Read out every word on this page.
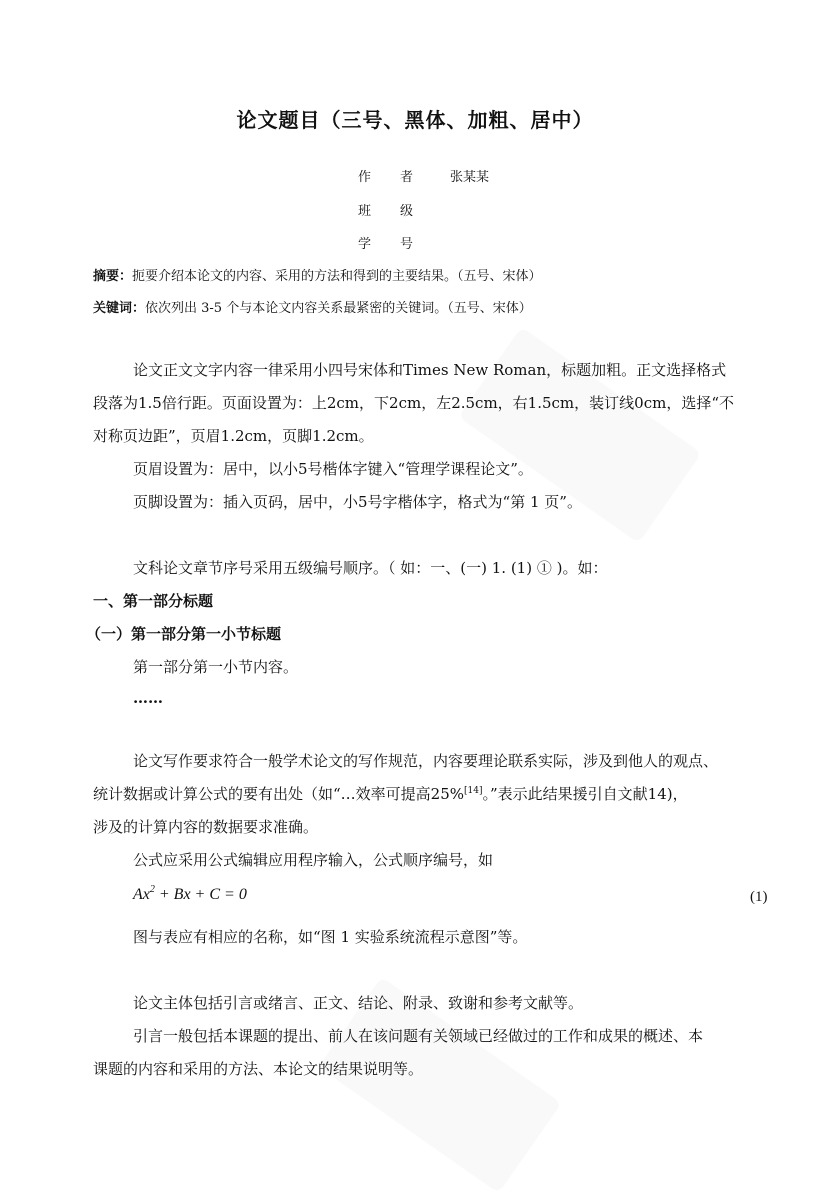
论文题目（三号、黑体、加粗、居中）
作 者	张某某
班 级
学 号
摘要：扼要介绍本论文的内容、采用的方法和得到的主要结果。（五号、宋体）
关键词：依次列出 3-5 个与本论文内容关系最紧密的关键词。（五号、宋体）
论文正文文字内容一律采用小四号宋体和Times New Roman，标题加粗。正文选择格式
段落为1.5倍行距。页面设置为：上2cm，下2cm，左2.5cm，右1.5cm，装订线0cm，选择“不
对称页边距”，页眉1.2cm，页脚1.2cm。
页眉设置为：居中，以小5号楷体字键入“管理学课程论文”。
页脚设置为：插入页码，居中，小5号字楷体字，格式为“第 1 页”。
文科论文章节序号采用五级编号顺序。（ 如：一、(一) 1. (1) ① )。如：
一、第一部分标题
（一）第一部分第一小节标题
第一部分第一小节内容。
……
论文写作要求符合一般学术论文的写作规范，内容要理论联系实际，涉及到他人的观点、
统计数据或计算公式的要有出处（如“…效率可提高25%[14]。”表示此结果援引自文献14)，
涉及的计算内容的数据要求准确。
公式应采用公式编辑应用程序输入，公式顺序编号，如
$Ax^2 + Bx + C = 0$	(1)
图与表应有相应的名称，如“图 1 实验系统流程示意图”等。
论文主体包括引言或绪言、正文、结论、附录、致谢和参考文献等。
引言一般包括本课题的提出、前人在该问题有关领域已经做过的工作和成果的概述、本
课题的内容和采用的方法、本论文的结果说明等。
